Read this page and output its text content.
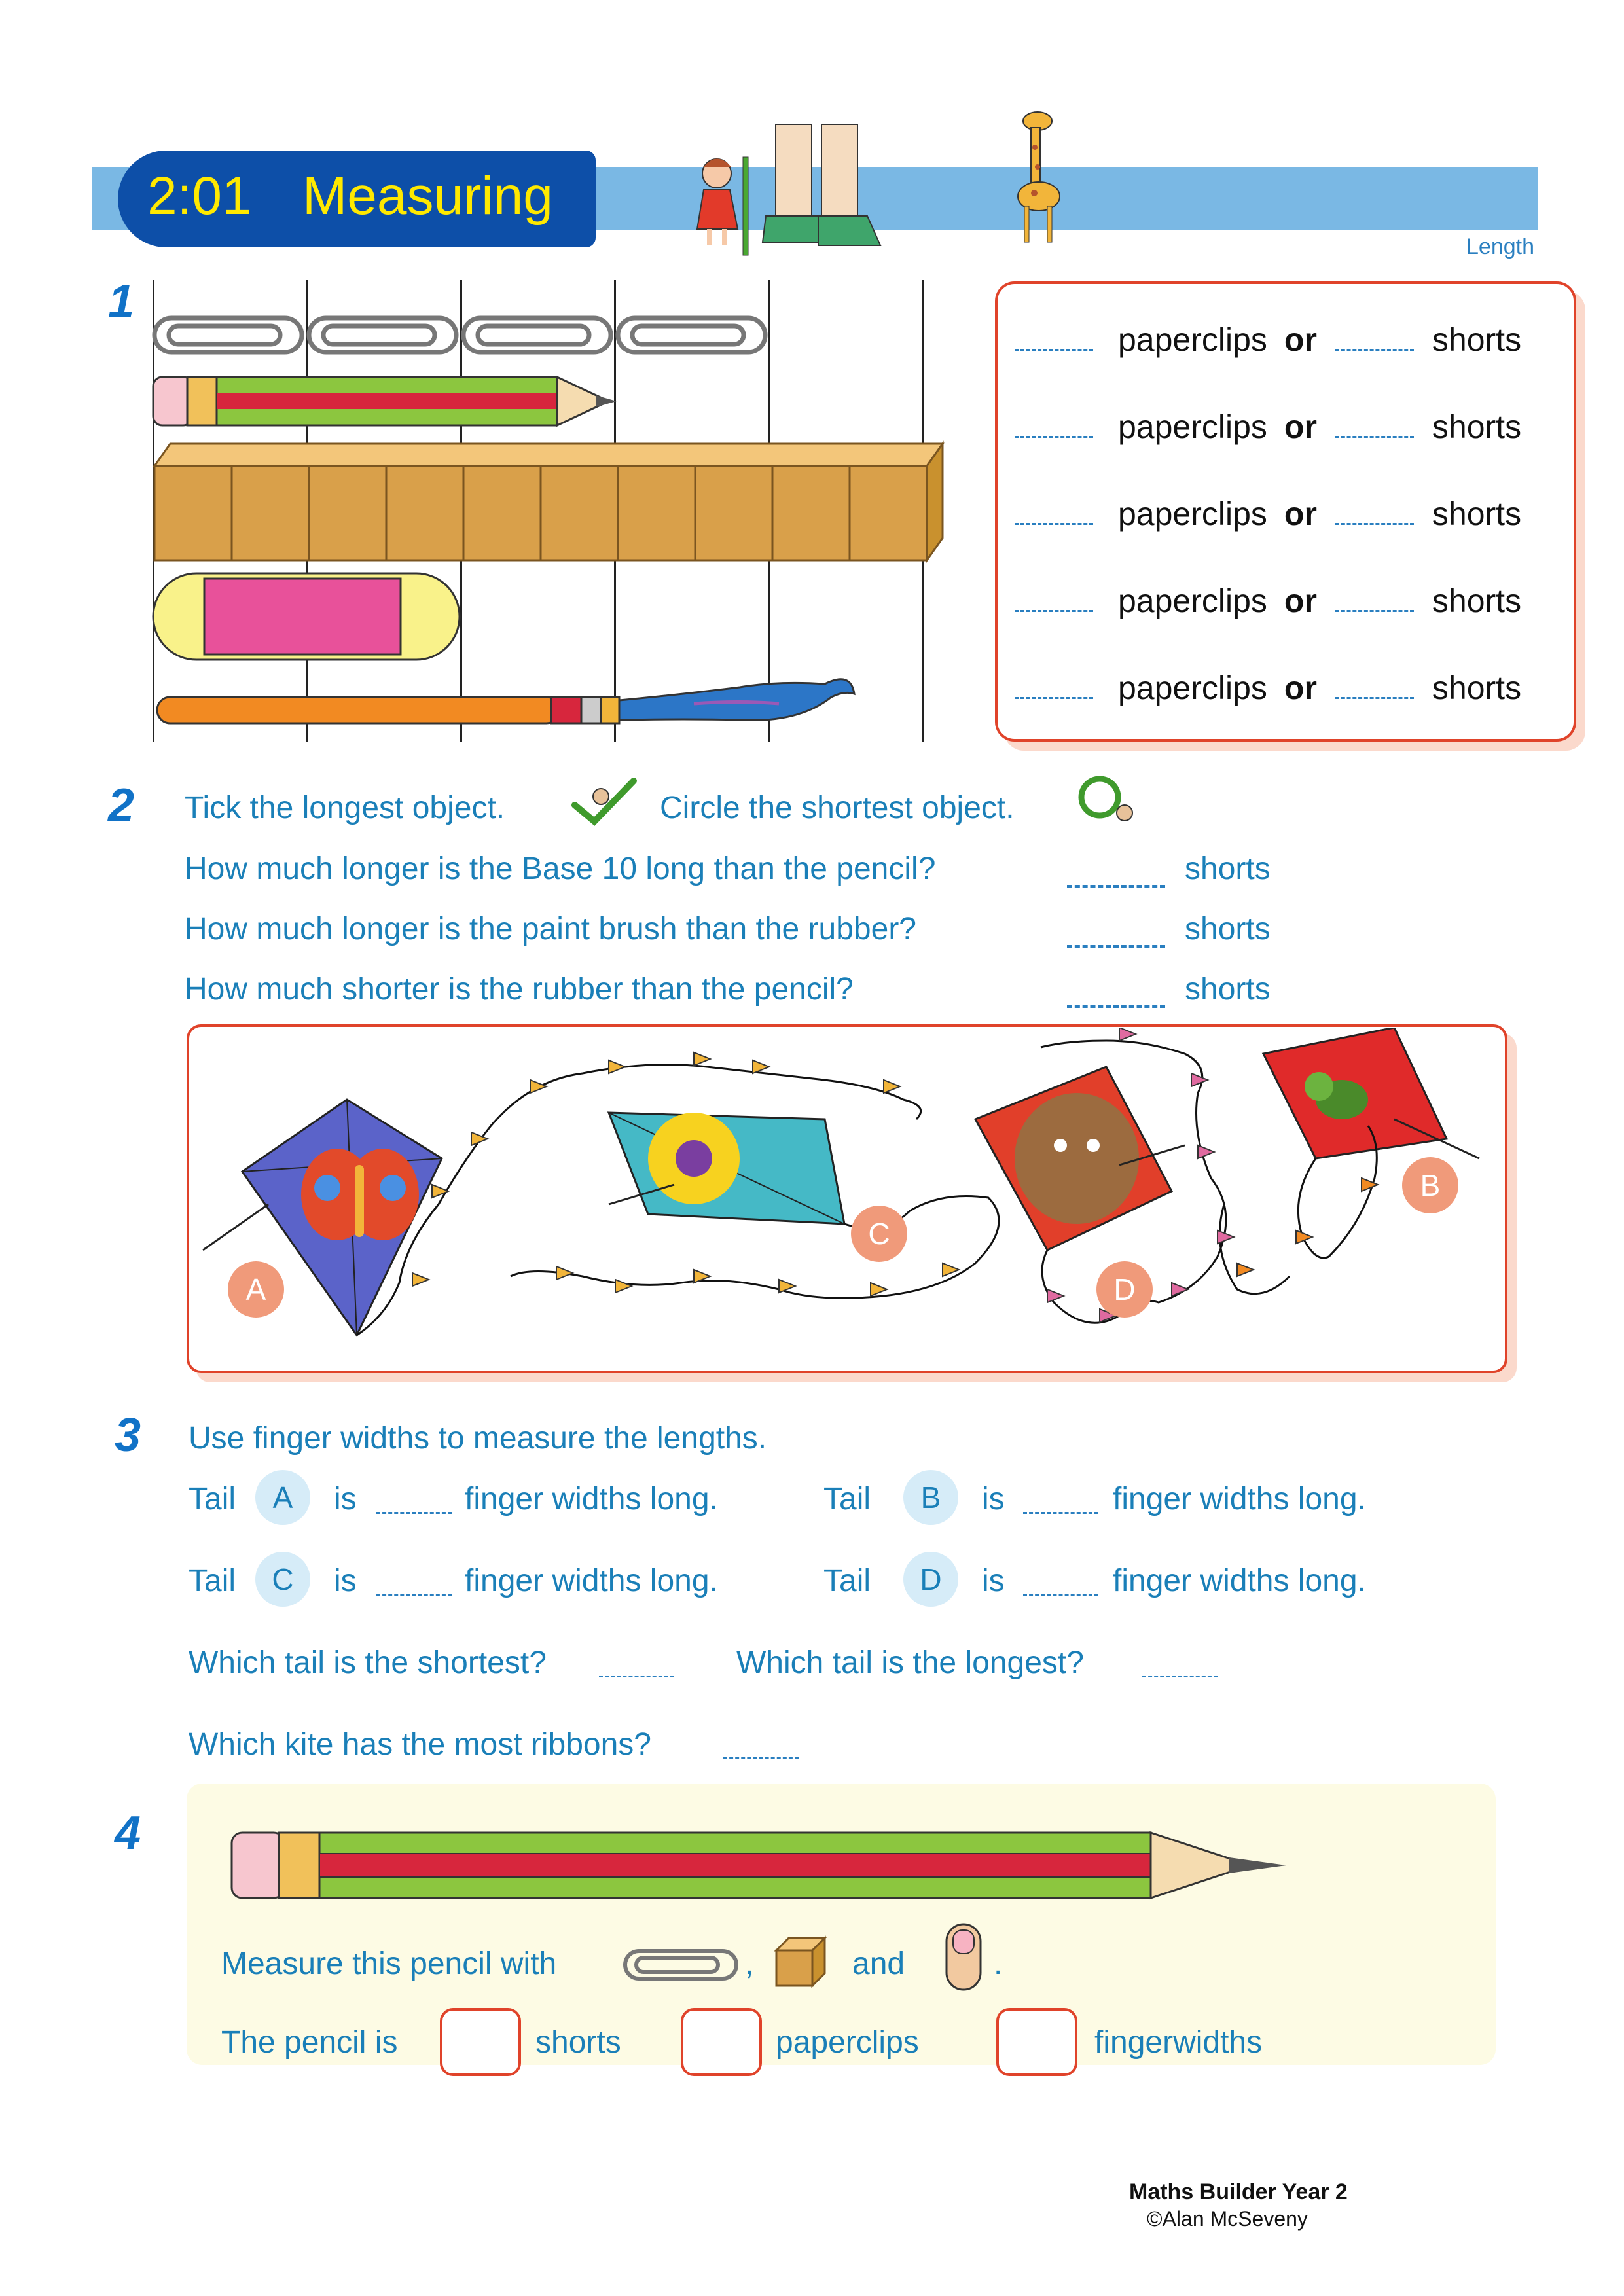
2:01 Measuring
Length
1
paperclips or	shorts
paperclips or	shorts
paperclips or	shorts
paperclips or	shorts
paperclips or	shorts
2 Tick the longest object.	Circle the shortest object.
How much longer is the Base 10 long than the pencil?	shorts
How much longer is the paint brush than the rubber?	shorts
How much shorter is the rubber than the pencil?	shorts
A
B
C
D
3 Use finger widths to measure the lengths.
Tail	A	is	finger widths long.	Tail	B	is	finger widths long.
Tail	C	is	finger widths long.	Tail	D	is	finger widths long.
Which tail is the shortest?	Which tail is the longest?
Which kite has the most ribbons?
4
Measure this pencil with	,	and	.
The pencil is	shorts	paperclips	fingerwidths
Maths Builder Year 2
©Alan McSeveny
